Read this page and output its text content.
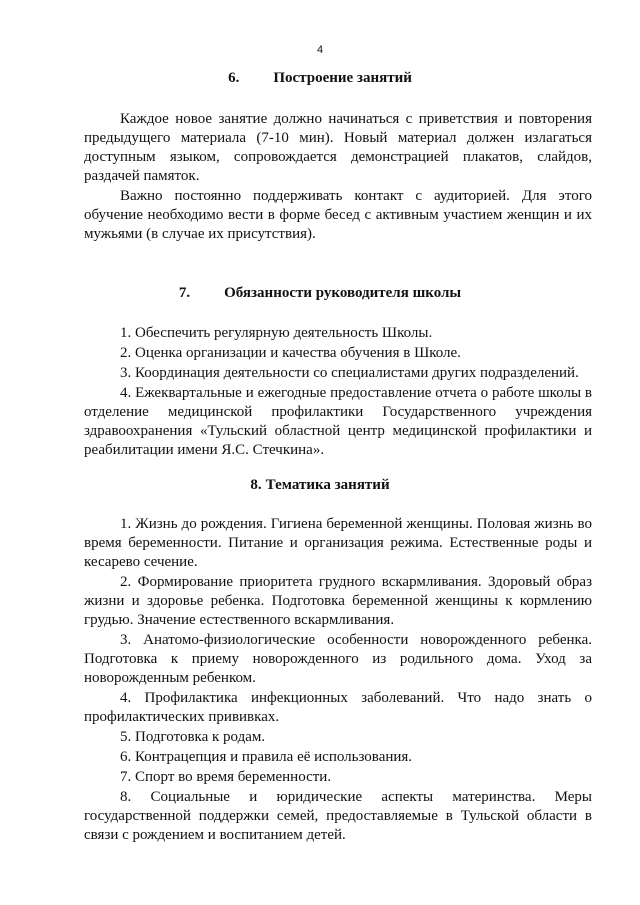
4
6. Построение занятий

Каждое новое занятие должно начинаться с приветствия и повторения предыдущего материала (7-10 мин). Новый материал должен излагаться доступным языком, сопровождается демонстрацией плакатов, слайдов, раздачей памяток.

Важно постоянно поддерживать контакт с аудиторией. Для этого обучение необходимо вести в форме бесед с активным участием женщин и их мужьями (в случае их присутствия).

7. Обязанности руководителя школы

1. Обеспечить регулярную деятельность Школы.

2. Оценка организации и качества обучения в Школе.

3. Координация деятельности со специалистами других подразделений.

4. Ежеквартальные и ежегодные предоставление отчета о работе школы в отделение медицинской профилактики Государственного учреждения здравоохранения «Тульский областной центр медицинской профилактики и реабилитации имени Я.С. Стечкина».

8. Тематика занятий

1. Жизнь до рождения. Гигиена беременной женщины. Половая жизнь во время беременности. Питание и организация режима. Естественные роды и кесарево сечение.

2. Формирование приоритета грудного вскармливания. Здоровый образ жизни и здоровье ребенка. Подготовка беременной женщины к кормлению грудью. Значение естественного вскармливания.

3. Анатомо-физиологические особенности новорожденного ребенка. Подготовка к приему новорожденного из родильного дома. Уход за новорожденным ребенком.

4. Профилактика инфекционных заболеваний. Что надо знать о профилактических прививках.

5. Подготовка к родам.

6. Контрацепция и правила её использования.

7. Спорт во время беременности.

8. Социальные и юридические аспекты материнства. Меры государственной поддержки семей, предоставляемые в Тульской области в связи с рождением и воспитанием детей.
